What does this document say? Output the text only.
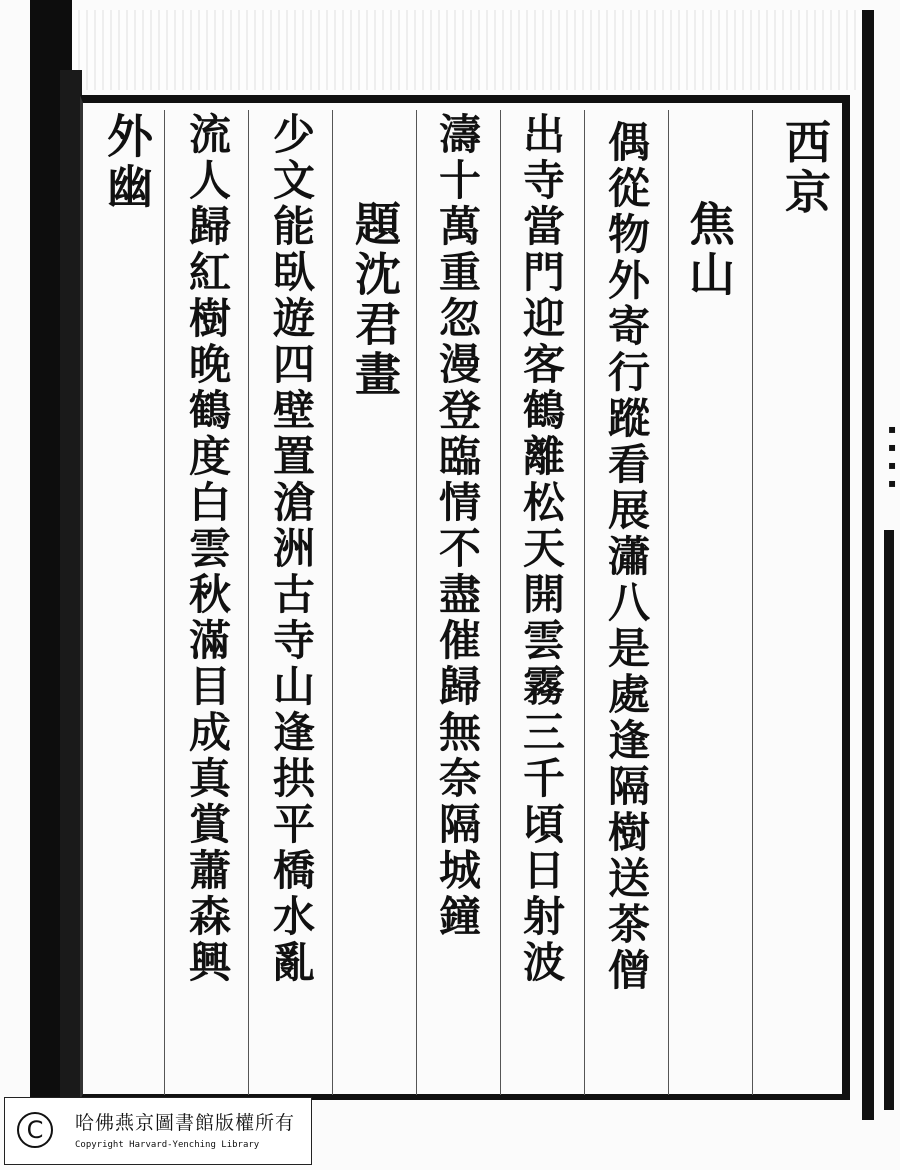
▪ ▪ ▪ ▪
西京
焦山
偶從物外寄行蹤看展瀟八是處逢隔樹送茶僧
出寺當門迎客鶴離松天開雲霧三千頃日射波
濤十萬重忽漫登臨情不盡催歸無奈隔城鐘
題沈君畫
少文能臥遊四壁置滄洲古寺山逢拱平橋水亂
流人歸紅樹晚鶴度白雲秋滿目成真賞蕭森興
外幽
C	哈佛燕京圖書館版權所有
Copyright Harvard-Yenching Library
